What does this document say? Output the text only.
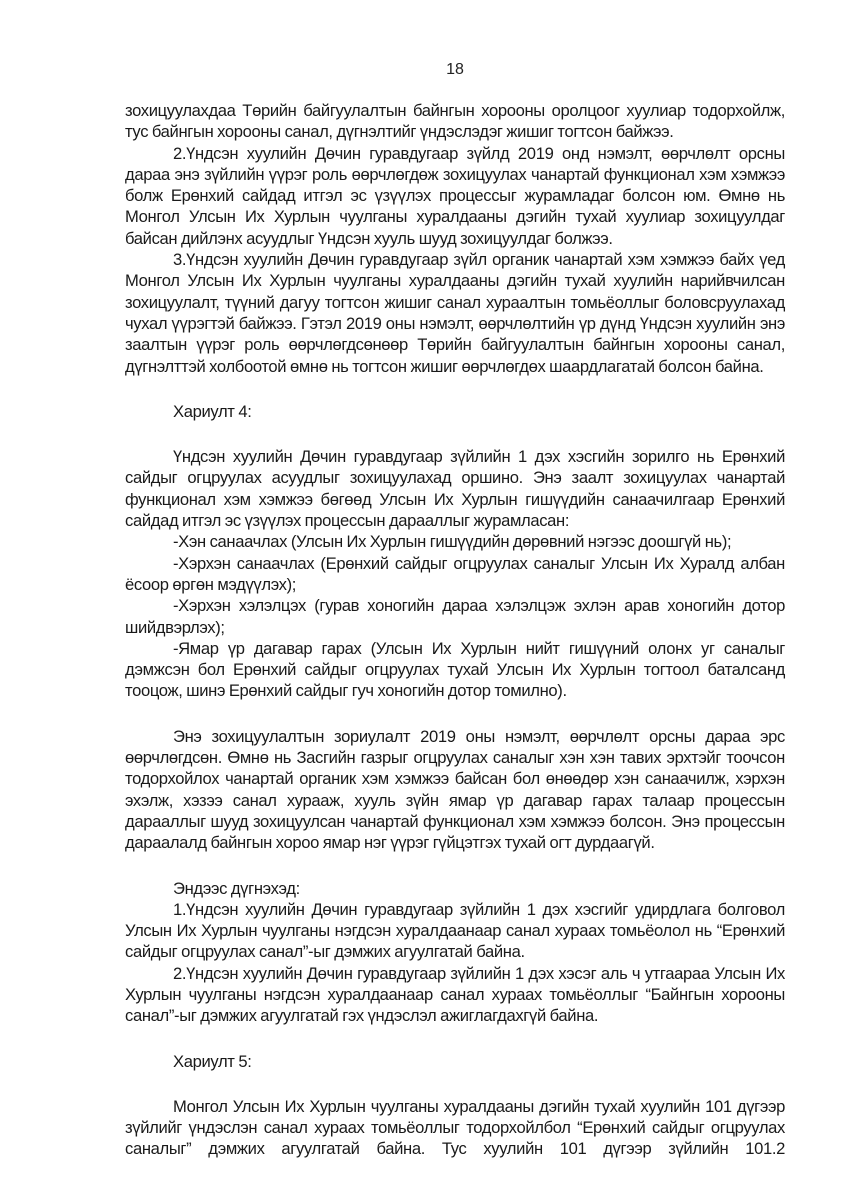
18

зохицуулахдаа Төрийн байгуулалтын байнгын хорооны оролцоог хуулиар тодорхойлж, тус байнгын хорооны санал, дүгнэлтийг үндэслэдэг жишиг тогтсон байжээ.

2.Үндсэн хуулийн Дөчин гуравдугаар зүйлд 2019 онд нэмэлт, өөрчлөлт орсны дараа энэ зүйлийн үүрэг роль өөрчлөгдөж зохицуулах чанартай функционал хэм хэмжээ болж Ерөнхий сайдад итгэл эс үзүүлэх процессыг журамладаг болсон юм. Өмнө нь Монгол Улсын Их Хурлын чуулганы хуралдааны дэгийн тухай хуулиар зохицуулдаг байсан дийлэнх асуудлыг Үндсэн хууль шууд зохицуулдаг болжээ.

3.Үндсэн хуулийн Дөчин гуравдугаар зүйл органик чанартай хэм хэмжээ байх үед Монгол Улсын Их Хурлын чуулганы хуралдааны дэгийн тухай хуулийн нарийвчилсан зохицуулалт, түүний дагуу тогтсон жишиг санал хураалтын томьёоллыг боловсруулахад чухал үүрэгтэй байжээ. Гэтэл 2019 оны нэмэлт, өөрчлөлтийн үр дүнд Үндсэн хуулийн энэ заалтын үүрэг роль өөрчлөгдсөнөөр Төрийн байгуулалтын байнгын хорооны санал, дүгнэлттэй холбоотой өмнө нь тогтсон жишиг өөрчлөгдөх шаардлагатай болсон байна.

Хариулт 4:

Үндсэн хуулийн Дөчин гуравдугаар зүйлийн 1 дэх хэсгийн зорилго нь Ерөнхий сайдыг огцруулах асуудлыг зохицуулахад оршино. Энэ заалт зохицуулах чанартай функционал хэм хэмжээ бөгөөд Улсын Их Хурлын гишүүдийн санаачилгаар Ерөнхий сайдад итгэл эс үзүүлэх процессын дарааллыг журамласан:

-Хэн санаачлах (Улсын Их Хурлын гишүүдийн дөрөвний нэгээс доошгүй нь);

-Хэрхэн санаачлах (Ерөнхий сайдыг огцруулах саналыг Улсын Их Хуралд албан ёсоор өргөн мэдүүлэх);

-Хэрхэн хэлэлцэх (гурав хоногийн дараа хэлэлцэж эхлэн арав хоногийн дотор шийдвэрлэх);

-Ямар үр дагавар гарах (Улсын Их Хурлын нийт гишүүний олонх уг саналыг дэмжсэн бол Ерөнхий сайдыг огцруулах тухай Улсын Их Хурлын тогтоол баталсанд тооцож, шинэ Ерөнхий сайдыг гуч хоногийн дотор томилно).

Энэ зохицуулалтын зориулалт 2019 оны нэмэлт, өөрчлөлт орсны дараа эрс өөрчлөгдсөн. Өмнө нь Засгийн газрыг огцруулах саналыг хэн хэн тавих эрхтэйг тоочсон тодорхойлох чанартай органик хэм хэмжээ байсан бол өнөөдөр хэн санаачилж, хэрхэн эхэлж, хэзээ санал хурааж, хууль зүйн ямар үр дагавар гарах талаар процессын дарааллыг шууд зохицуулсан чанартай функционал хэм хэмжээ болсон. Энэ процессын дараалалд байнгын хороо ямар нэг үүрэг гүйцэтгэх тухай огт дурдаагүй.

Эндээс дүгнэхэд:

1.Үндсэн хуулийн Дөчин гуравдугаар зүйлийн 1 дэх хэсгийг удирдлага болговол Улсын Их Хурлын чуулганы нэгдсэн хуралдаанаар санал хураах томьёолол нь “Ерөнхий сайдыг огцруулах санал”-ыг дэмжих агуулгатай байна.

2.Үндсэн хуулийн Дөчин гуравдугаар зүйлийн 1 дэх хэсэг аль ч утгаараа Улсын Их Хурлын чуулганы нэгдсэн хуралдаанаар санал хураах томьёоллыг “Байнгын хорооны санал”-ыг дэмжих агуулгатай гэх үндэслэл ажиглагдахгүй байна.

Хариулт 5:

Монгол Улсын Их Хурлын чуулганы хуралдааны дэгийн тухай хуулийн 101 дүгээр зүйлийг үндэслэн санал хураах томьёоллыг тодорхойлбол “Ерөнхий сайдыг огцруулах саналыг” дэмжих агуулгатай байна. Тус хуулийн 101 дүгээр зүйлийн 101.2
